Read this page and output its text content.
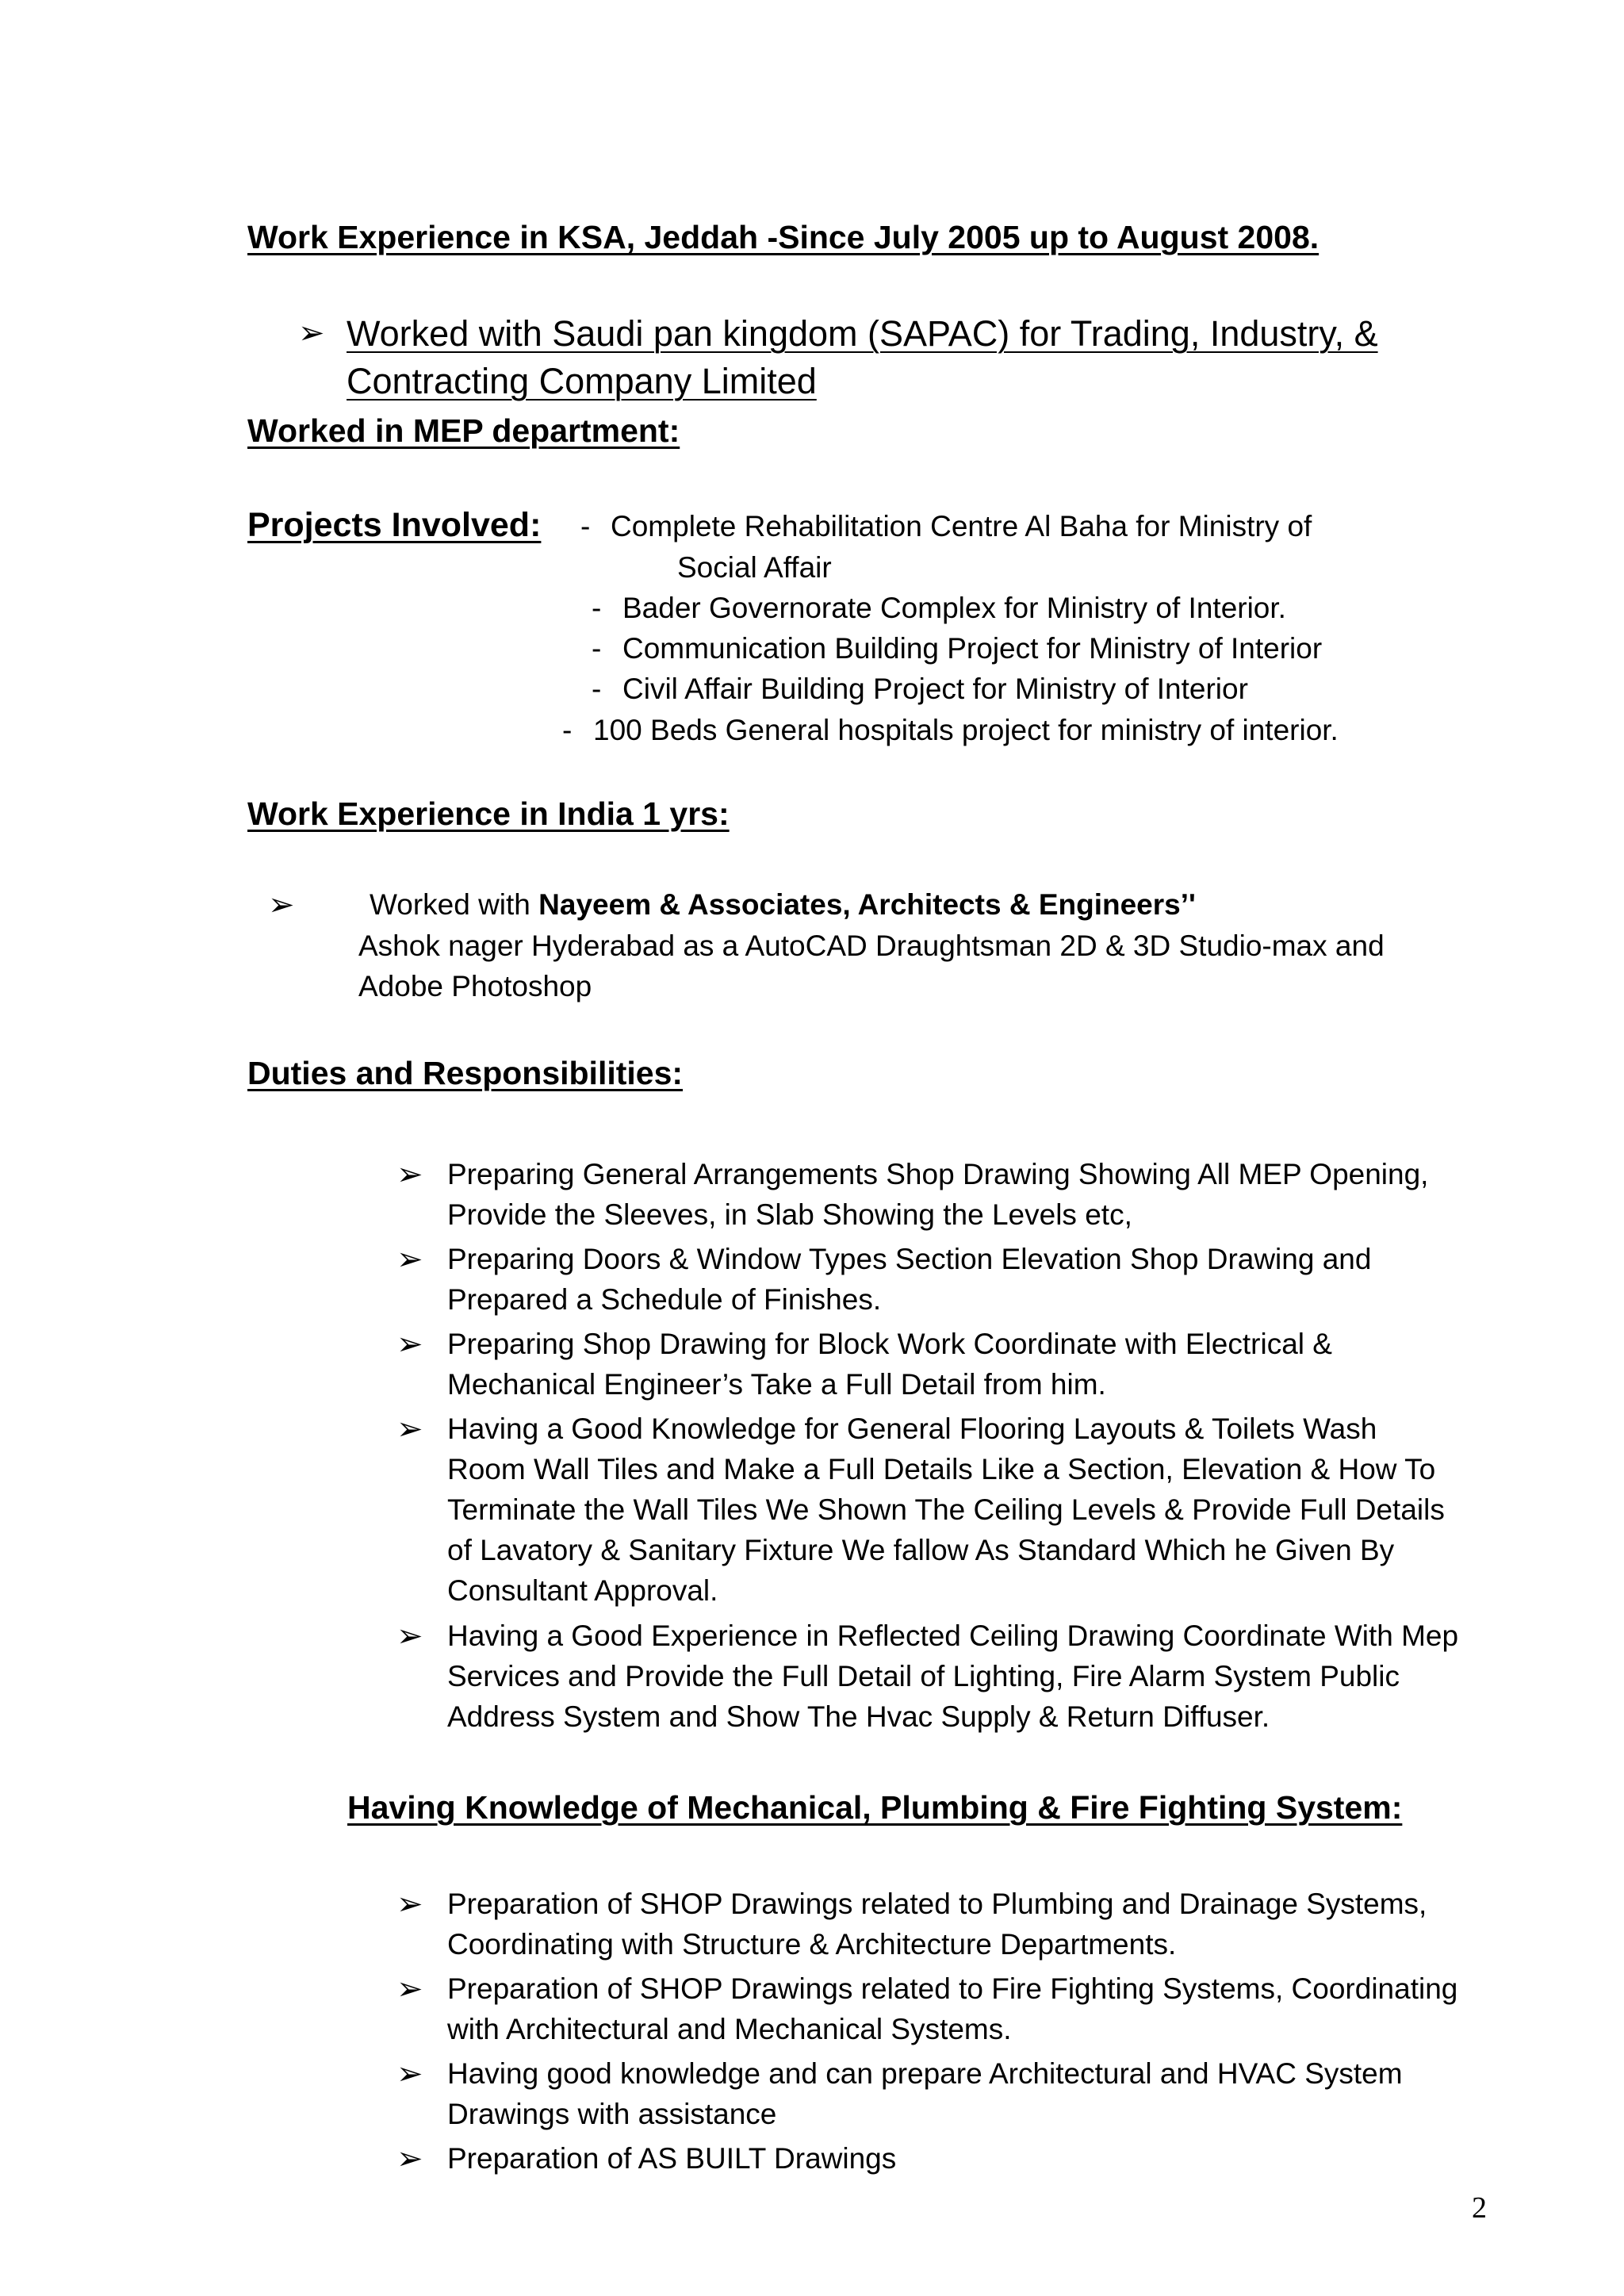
Work Experience in KSA, Jeddah -Since July 2005 up to August 2008.
➢ Worked with Saudi pan kingdom (SAPAC) for Trading, Industry, &
Contracting Company Limited
Worked in MEP department:
Projects Involved: - Complete Rehabilitation Centre Al Baha for Ministry of
Social Affair
- Bader Governorate Complex for Ministry of Interior.
- Communication Building Project for Ministry of Interior
- Civil Affair Building Project for Ministry of Interior
- 100 Beds General hospitals project for ministry of interior.
Work Experience in India 1 yrs:
➢	Worked with Nayeem & Associates, Architects & Engineers’'
Ashok nager Hyderabad as a AutoCAD Draughtsman 2D & 3D Studio-max and
Adobe Photoshop
Duties and Responsibilities:
➢ Preparing General Arrangements Shop Drawing Showing All MEP Opening,
Provide the Sleeves, in Slab Showing the Levels etc,
➢ Preparing Doors & Window Types Section Elevation Shop Drawing and
Prepared a Schedule of Finishes.
➢ Preparing Shop Drawing for Block Work Coordinate with Electrical &
Mechanical Engineer’s Take a Full Detail from him.
➢ Having a Good Knowledge for General Flooring Layouts & Toilets Wash
Room Wall Tiles and Make a Full Details Like a Section, Elevation & How To
Terminate the Wall Tiles We Shown The Ceiling Levels & Provide Full Details
of Lavatory & Sanitary Fixture We fallow As Standard Which he Given By
Consultant Approval.
➢ Having a Good Experience in Reflected Ceiling Drawing Coordinate With Mep
Services and Provide the Full Detail of Lighting, Fire Alarm System Public
Address System and Show The Hvac Supply & Return Diffuser.
Having Knowledge of Mechanical, Plumbing & Fire Fighting System:
➢ Preparation of SHOP Drawings related to Plumbing and Drainage Systems,
Coordinating with Structure & Architecture Departments.
➢ Preparation of SHOP Drawings related to Fire Fighting Systems, Coordinating
with Architectural and Mechanical Systems.
➢ Having good knowledge and can prepare Architectural and HVAC System
Drawings with assistance
➢ Preparation of AS BUILT Drawings
2
